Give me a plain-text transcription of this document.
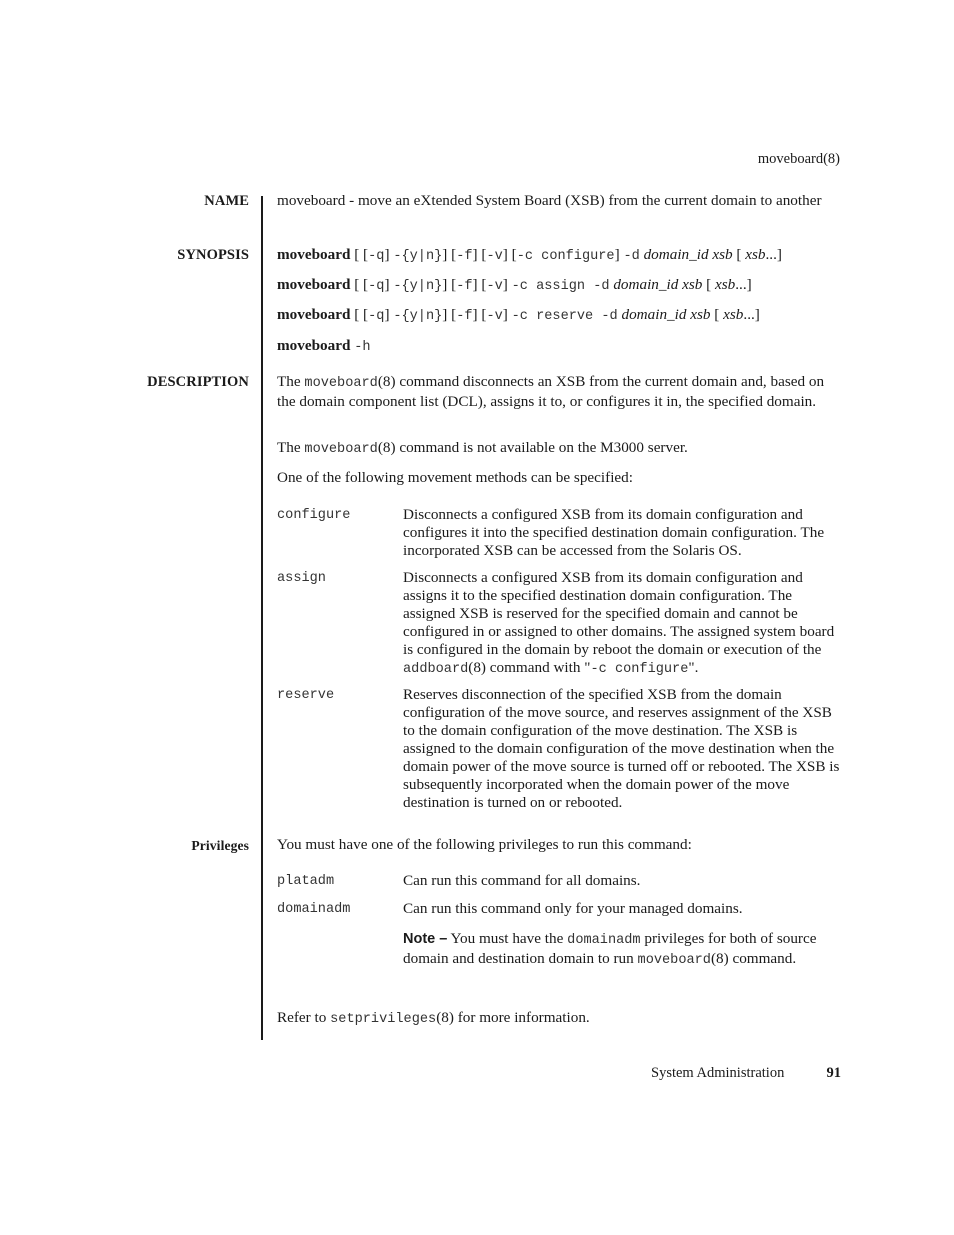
moveboard(8)
NAME moveboard - move an eXtended System Board (XSB) from the current domain to another

SYNOPSIS moveboard [ [-q] -{y|n}] [-f] [-v] [-c configure] -d domain_id xsb [ xsb...]
moveboard [ [-q] -{y|n}] [-f] [-v] -c assign -d domain_id xsb [ xsb...]
moveboard [ [-q] -{y|n}] [-f] [-v] -c reserve -d domain_id xsb [ xsb...]
moveboard -h
DESCRIPTION The moveboard(8) command disconnects an XSB from the current domain and, based on the domain component list (DCL), assigns it to, or configures it in, the specified domain.

The moveboard(8) command is not available on the M3000 server.

One of the following movement methods can be specified:

configure	Disconnects a configured XSB from its domain configuration and configures it into the specified destination domain configuration. The incorporated XSB can be accessed from the Solaris OS.
assign	Disconnects a configured XSB from its domain configuration and assigns it to the specified destination domain configuration. The assigned XSB is reserved for the specified domain and cannot be configured in or assigned to other domains. The assigned system board is configured in the domain by reboot the domain or execution of the addboard(8) command with "-c configure".
reserve	Reserves disconnection of the specified XSB from the domain configuration of the move source, and reserves assignment of the XSB to the domain configuration of the move destination. The XSB is assigned to the domain configuration of the move destination when the domain power of the move source is turned off or rebooted. The XSB is subsequently incorporated when the domain power of the move destination is turned on or rebooted.
Privileges You must have one of the following privileges to run this command:

platadm	Can run this command for all domains.
domainadm	Can run this command only for your managed domains.
Note – You must have the domainadm privileges for both of source domain and destination domain to run moveboard(8) command.

Refer to setprivileges(8) for more information.

System Administration	91
